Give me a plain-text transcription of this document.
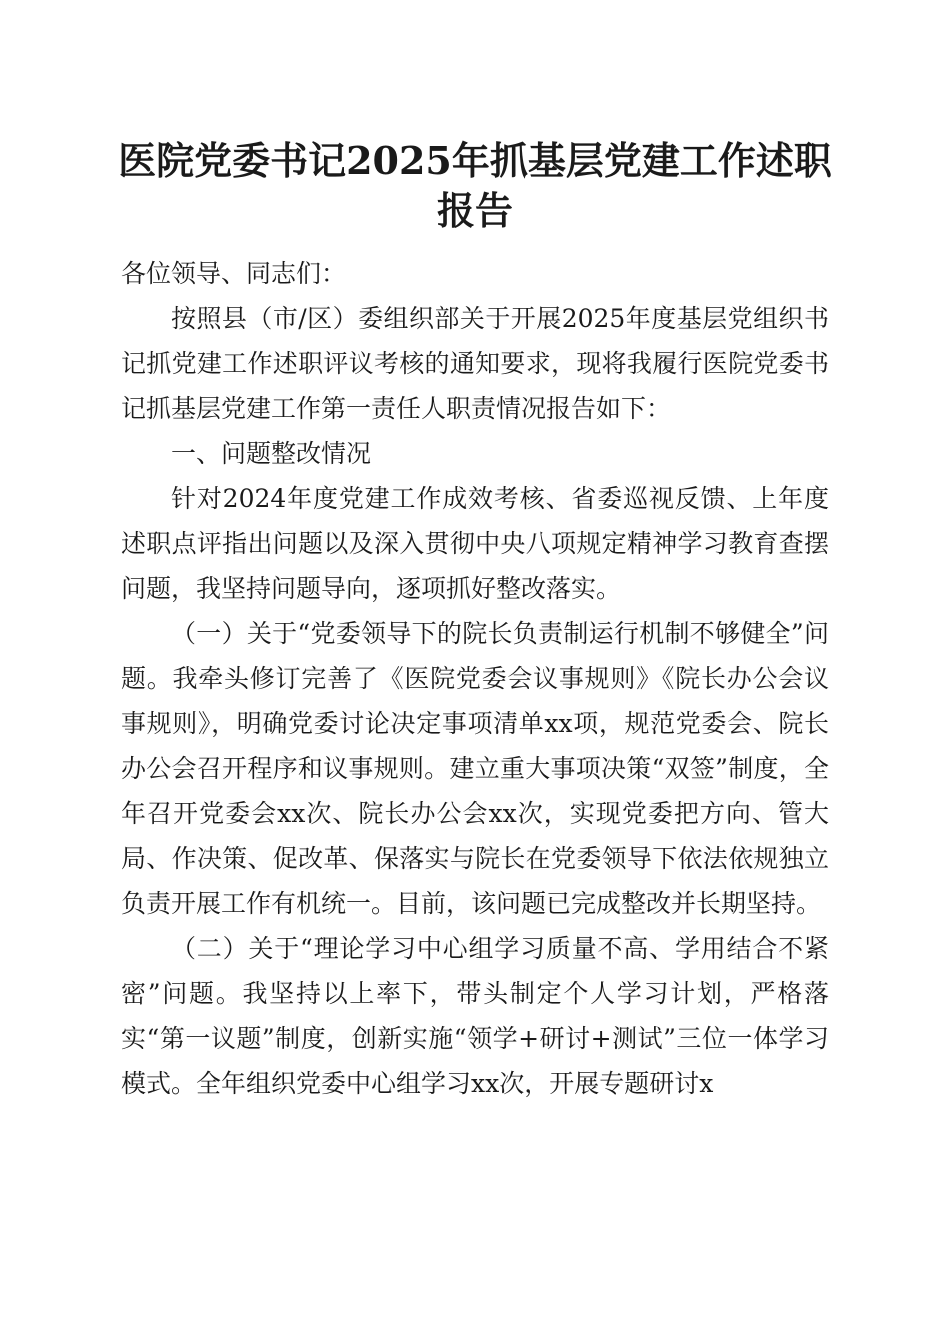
医院党委书记2025年抓基层党建工作述职报告

各位领导、同志们：

按照县（市/区）委组织部关于开展2025年度基层党组织书记抓党建工作述职评议考核的通知要求，现将我履行医院党委书记抓基层党建工作第一责任人职责情况报告如下：

一、问题整改情况

针对2024年度党建工作成效考核、省委巡视反馈、上年度述职点评指出问题以及深入贯彻中央八项规定精神学习教育查摆问题，我坚持问题导向，逐项抓好整改落实。

（一）关于“党委领导下的院长负责制运行机制不够健全”问题。我牵头修订完善了《医院党委会议事规则》《院长办公会议事规则》，明确党委讨论决定事项清单xx项，规范党委会、院长办公会召开程序和议事规则。建立重大事项决策“双签”制度，全年召开党委会xx次、院长办公会xx次，实现党委把方向、管大局、作决策、促改革、保落实与院长在党委领导下依法依规独立负责开展工作有机统一。目前，该问题已完成整改并长期坚持。

（二）关于“理论学习中心组学习质量不高、学用结合不紧密”问题。我坚持以上率下，带头制定个人学习计划，严格落实“第一议题”制度，创新实施“领学+研讨+测试”三位一体学习模式。全年组织党委中心组学习xx次，开展专题研讨x
